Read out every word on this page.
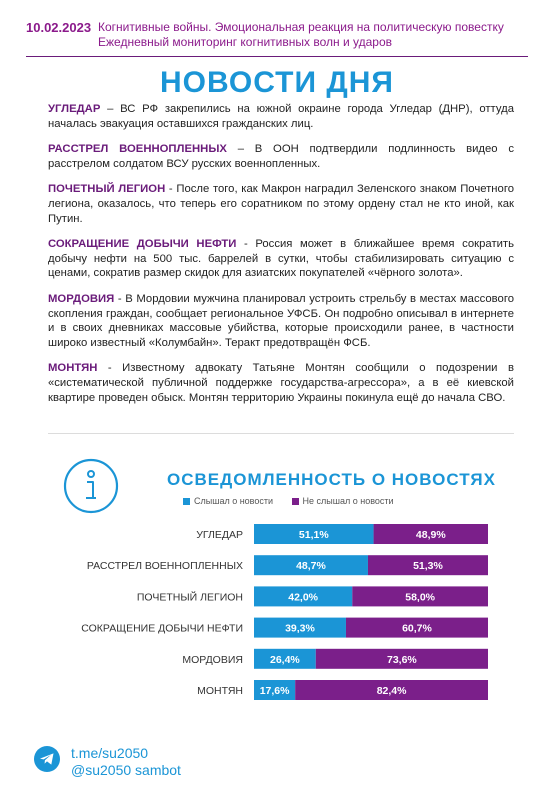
10.02.2023 Когнитивные войны. Эмоциональная реакция на политическую повестку
Ежедневный мониторинг когнитивных волн и ударов
НОВОСТИ ДНЯ

УГЛЕДАР – ВС РФ закрепились на южной окраине города Угледар (ДНР), оттуда началась эвакуация оставшихся гражданских лиц.

РАССТРЕЛ ВОЕННОПЛЕННЫХ – В ООН подтвердили подлинность видео с расстрелом солдатом ВСУ русских военнопленных.

ПОЧЕТНЫЙ ЛЕГИОН - После того, как Макрон наградил Зеленского знаком Почетного легиона, оказалось, что теперь его соратником по этому ордену стал не кто иной, как Путин.

СОКРАЩЕНИЕ ДОБЫЧИ НЕФТИ - Россия может в ближайшее время сократить добычу нефти на 500 тыс. баррелей в сутки, чтобы стабилизировать ситуацию с ценами, сократив размер скидок для азиатских покупателей «чёрного золота».

МОРДОВИЯ - В Мордовии мужчина планировал устроить стрельбу в местах массового скопления граждан, сообщает региональное УФСБ. Он подробно описывал в интернете и в своих дневниках массовые убийства, которые происходили ранее, в частности широко известный «Колумбайн». Теракт предотвращён ФСБ.

МОНТЯН - Известному адвокату Татьяне Монтян сообщили о подозрении в «систематической публичной поддержке государства-агрессора», а в её киевской квартире проведен обыск. Монтян территорию Украины покинула ещё до начала СВО.

ОСВЕДОМЛЕННОСТЬ О НОВОСТЯХ
Слышал о новости	Не слышал о новости
УГЛЕДАР	51,1%	48,9%
РАССТРЕЛ ВОЕННОПЛЕННЫХ	48,7%	51,3%
ПОЧЕТНЫЙ ЛЕГИОН	42,0%	58,0%
СОКРАЩЕНИЕ ДОБЫЧИ НЕФТИ	39,3%	60,7%
МОРДОВИЯ	26,4%	73,6%
МОНТЯН 17,6%	82,4%
t.me/su2050
@su2050 sambot
